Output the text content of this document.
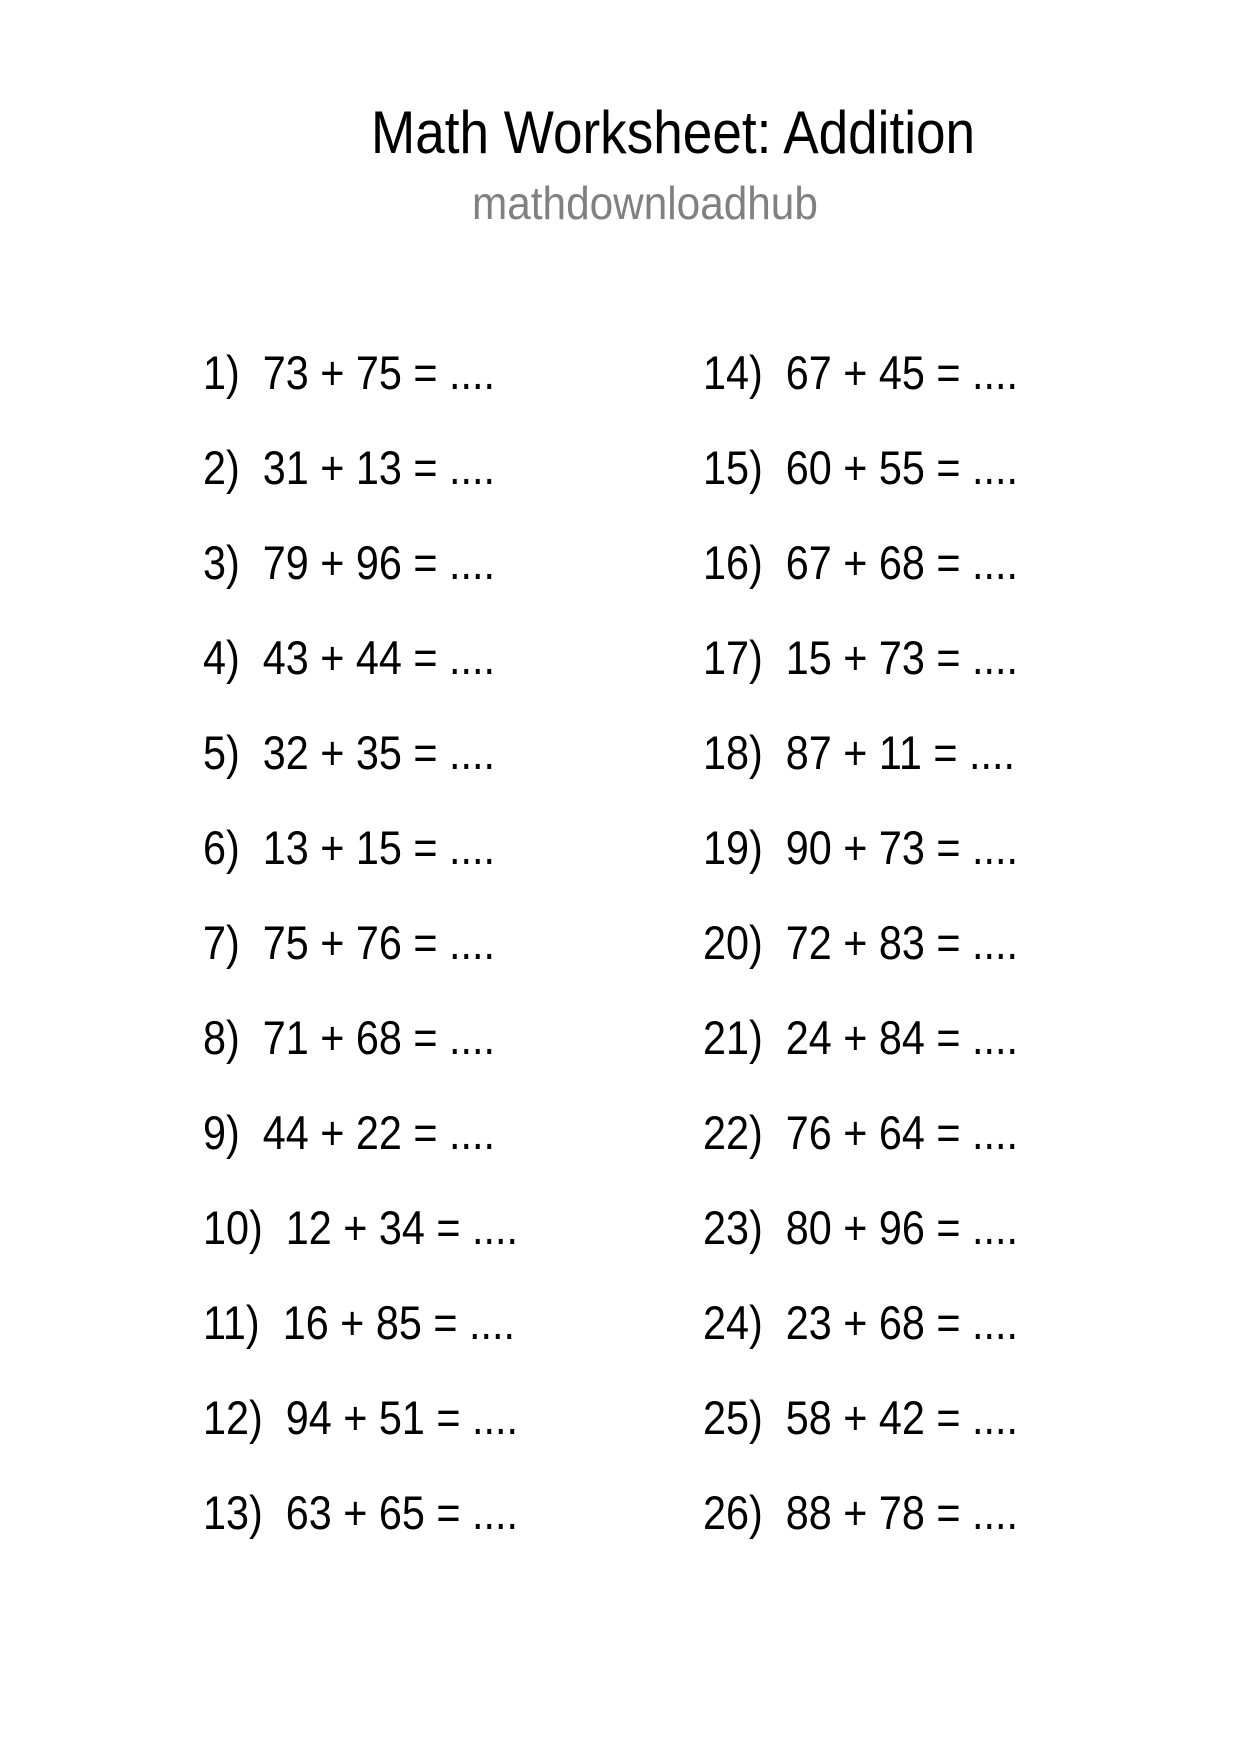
Math Worksheet: Addition
mathdownloadhub
1)  73 + 75 = ....
2)  31 + 13 = ....
3)  79 + 96 = ....
4)  43 + 44 = ....
5)  32 + 35 = ....
6)  13 + 15 = ....
7)  75 + 76 = ....
8)  71 + 68 = ....
9)  44 + 22 = ....
10)  12 + 34 = ....
11)  16 + 85 = ....
12)  94 + 51 = ....
13)  63 + 65 = ....
14)  67 + 45 = ....
15)  60 + 55 = ....
16)  67 + 68 = ....
17)  15 + 73 = ....
18)  87 + 11 = ....
19)  90 + 73 = ....
20)  72 + 83 = ....
21)  24 + 84 = ....
22)  76 + 64 = ....
23)  80 + 96 = ....
24)  23 + 68 = ....
25)  58 + 42 = ....
26)  88 + 78 = ....
